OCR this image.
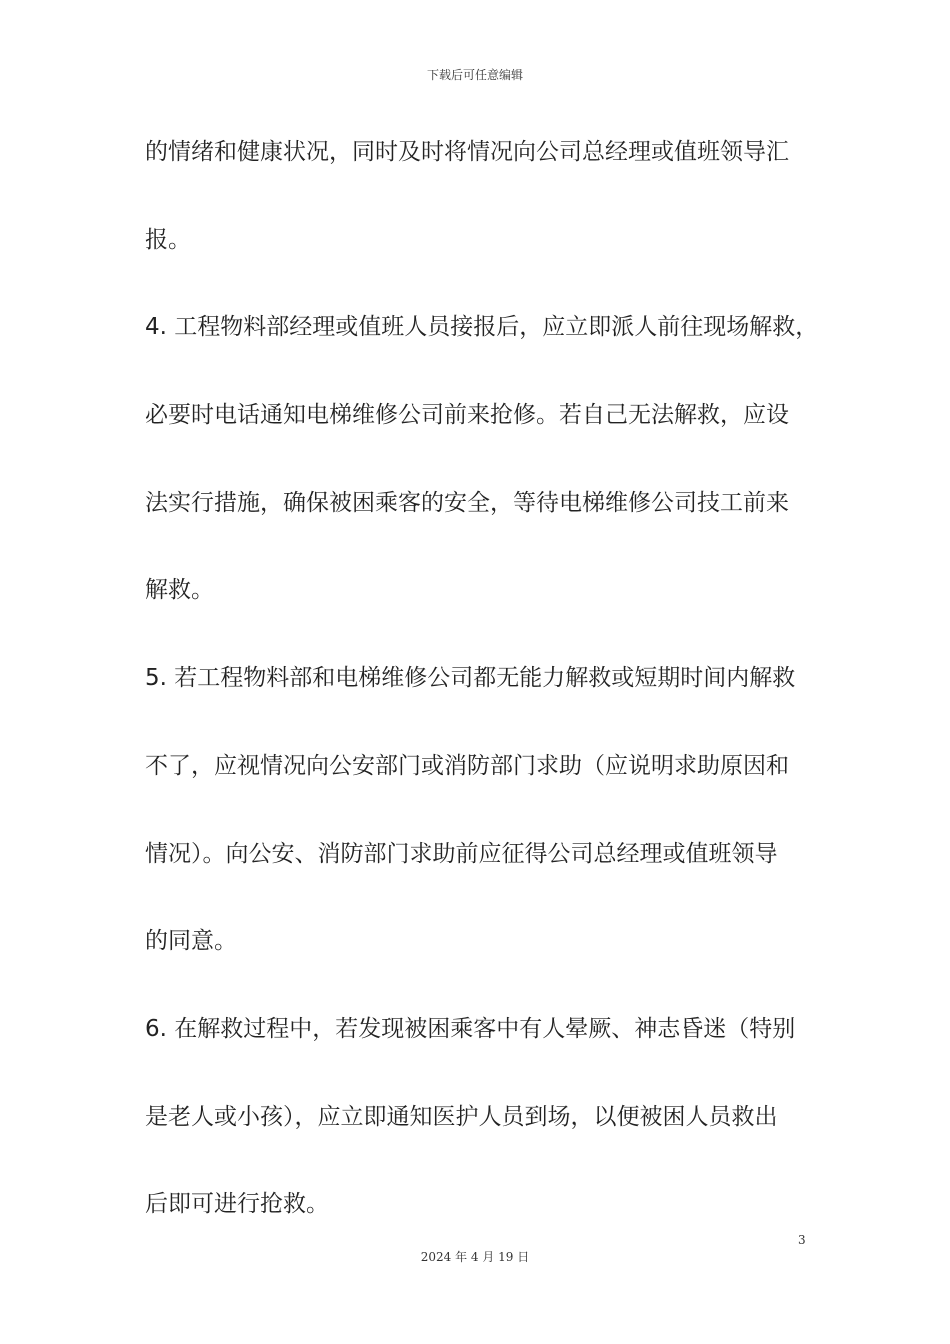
下载后可任意编辑
的情绪和健康状况，同时及时将情况向公司总经理或值班领导汇
报。
4. 工程物料部经理或值班人员接报后，应立即派人前往现场解救，
必要时电话通知电梯维修公司前来抢修。若自己无法解救，应设
法实行措施，确保被困乘客的安全，等待电梯维修公司技工前来
解救。
5. 若工程物料部和电梯维修公司都无能力解救或短期时间内解救
不了，应视情况向公安部门或消防部门求助（应说明求助原因和
情况）。向公安、消防部门求助前应征得公司总经理或值班领导
的同意。
6. 在解救过程中，若发现被困乘客中有人晕厥、神志昏迷（特别
是老人或小孩），应立即通知医护人员到场，以便被困人员救出
后即可进行抢救。
3
2024 年 4 月 19 日
